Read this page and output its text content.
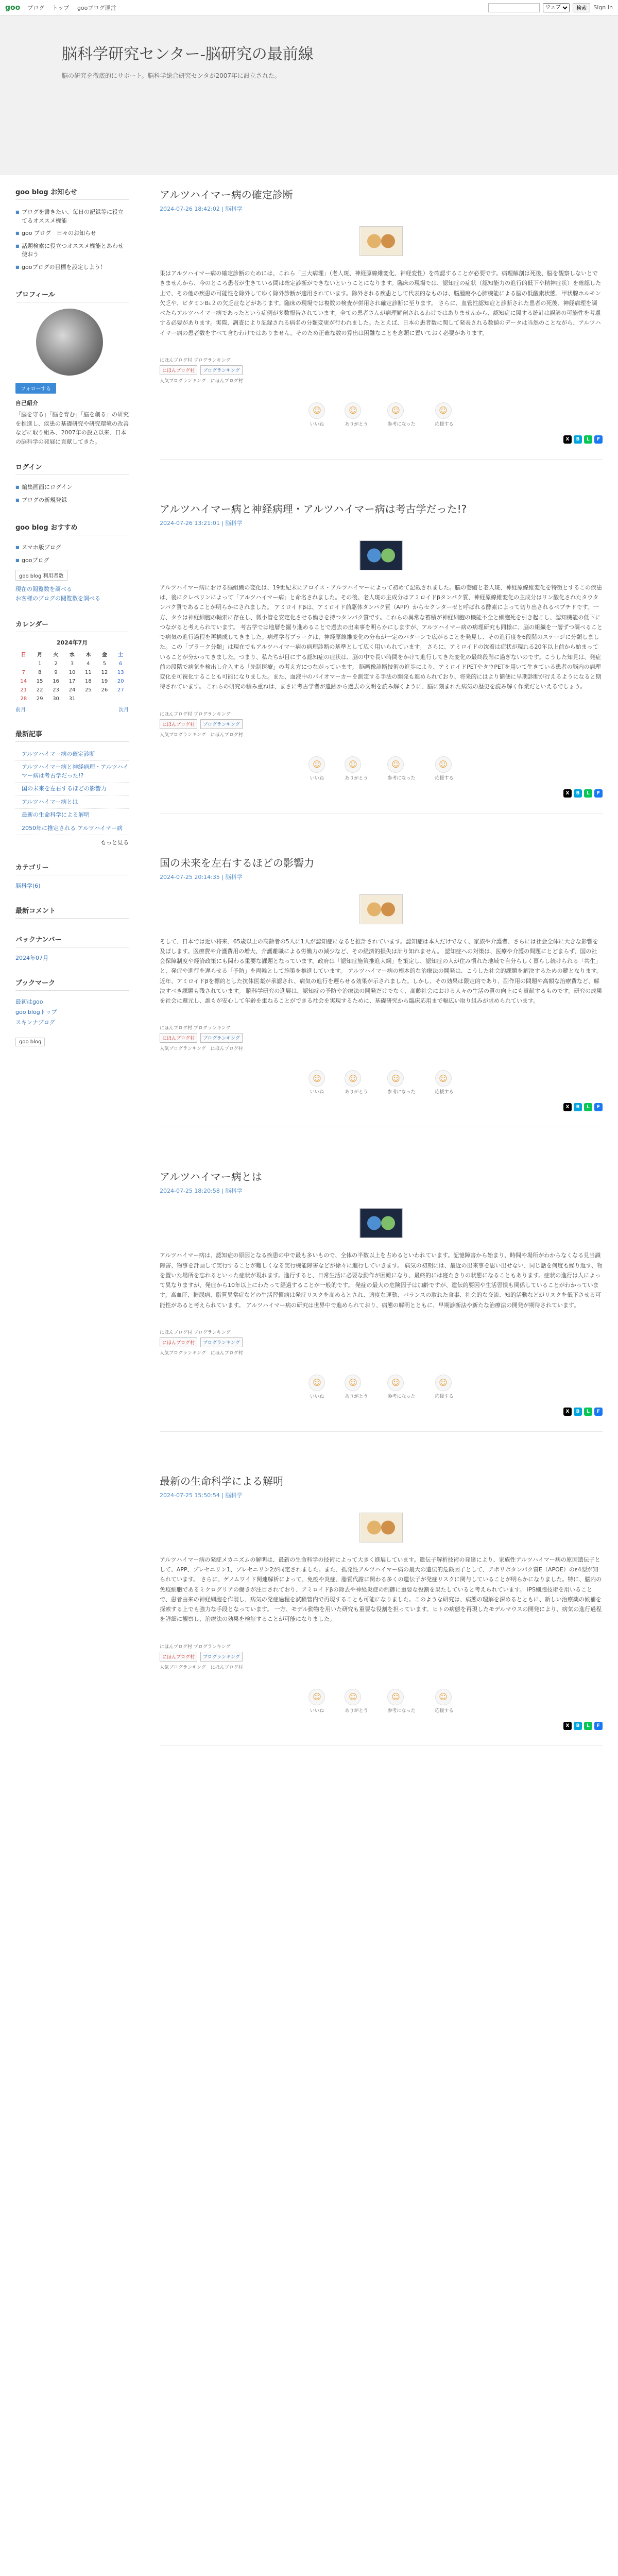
goo ブログ トップ gooブログ運営
ウェブ	検索	Sign In
脳科学研究センター-脳研究の最前線

脳の研究を徹底的にサポート。脳科学総合研究センタが2007年に設立された。

goo blog お知らせ
■ ブログを書きたい、毎日の記録等に役立てるオススメ機能
■ goo ブログ　日々のお知らせ
■ 話題検索に役立つオススメ機能とあわせ使おう
■ gooブログの目標を設定しよう！
プロフィール
フォローする
自己紹介
「脳を守る」「脳を育む」「脳を創る」の研究を推進し、疾患の基礎研究や研究環境の改善などに取り組み、2007年の設立以来、日本の脳科学の発展に貢献してきた。
ログイン
■ 編集画面にログイン
■ ブログの新規登録
goo blog おすすめ
■ スマホ版ブログ
■ gooブログ
goo blog 利用者数
現在の閲覧数を調べる
お客様のブログの閲覧数を調べる
カレンダー
2024年7月
日	月	火	水	木	金	土
	1	2	3	4	5	6
7	8	9	10	11	12	13
14	15	16	17	18	19	20
21	22	23	24	25	26	27
28	29	30	31			
前月	次月
最新記事
アルツハイマー病の確定診断
アルツハイマー病と神経病理・アルツハイマー病は考古学だった!?
国の未来を左右するほどの影響力
アルツハイマー病とは
最新の生命科学による解明
2050年に推定される アルツハイマー病
もっと見る
カテゴリー
脳科学(6)
最新コメント
バックナンバー
2024年07月
ブックマーク
最初はgoo
goo blogトップ
スキンナブログ
goo blog
アルツハイマー病の確定診断
2024-07-26 18:42:02 | 脳科学

果はアルツハイマー病の確定診断のためには、これら「三大病理」（老人斑、神経原線維変化、神経変性）を確認することが必要です。病理解剖は死後、脳を観察しないとできませんから、今のところ患者が生きている間は確定診断ができないということになります。臨床の現場では、認知症の症状（認知能力の進行的低下や精神症状）を確認した上で、その他の疾患の可能性を除外してゆく除外診断が適用されています。除外される疾患として代表的なものは、脳腫瘍や心肺機能による脳の低酸素状態、甲状腺ホルモン欠乏や、ビタミンB₁２の欠乏症などがあります。臨床の現場では複数の検査が併用され確定診断に至ります。 さらに、血管性認知症と診断された患者の死後、神経病理を調べたらアルツハイマー病であったという症例が多数報告されています。全ての患者さんが病理解剖されるわけではありませんから、認知症に関する統計は誤診の可能性を考慮する必要があります。実際、調査により記録される病名の分類変更が行われました。たとえば、日本の患者数に関して発表される数値のデータは当然のことながら、アルツハイマー病の患者数をすべて含むわけではありません。そのため正確な数の算出は困難なことを念頭に置いておく必要があります。

にほんブログ村 ブログランキング
にほんブログ村	ブログランキング
人気ブログランキング　にほんブログ村
☺
いいね
☺
ありがとう
☺
参考になった
☺
応援する
X	B	L	F
アルツハイマー病と神経病理・アルツハイマー病は考古学だった!?
2024-07-26 13:21:01 | 脳科学

アルツハイマー病における脳組織の変化は、19世紀末にアロイス・アルツハイマーによって初めて記載されました。脳の萎縮と老人斑、神経原線維変化を特徴とするこの疾患は、後にクレペリンによって「アルツハイマー病」と命名されました。その後、老人斑の主成分はアミロイドβタンパク質、神経原線維変化の主成分はリン酸化されたタウタンパク質であることが明らかにされました。 アミロイドβは、アミロイド前駆体タンパク質（APP）からセクレターゼと呼ばれる酵素によって切り出されるペプチドです。一方、タウは神経細胞の軸索に存在し、微小管を安定化させる働きを持つタンパク質です。これらの異常な蓄積が神経細胞の機能不全と細胞死を引き起こし、認知機能の低下につながると考えられています。 考古学では地層を掘り進めることで過去の出来事を明らかにしますが、アルツハイマー病の病理研究も同様に、脳の組織を一層ずつ調べることで病気の進行過程を再構成してきました。病理学者ブラークは、神経原線維変化の分布が一定のパターンで広がることを発見し、その進行度を6段階のステージに分類しました。この「ブラーク分類」は現在でもアルツハイマー病の病理診断の基準として広く用いられています。 さらに、アミロイドの沈着は症状が現れる20年以上前から始まっていることが分かってきました。つまり、私たちが目にする認知症の症状は、脳の中で長い時間をかけて進行してきた変化の最終段階に過ぎないのです。こうした知見は、発症前の段階で病気を検出し介入する「先制医療」の考え方につながっています。 脳画像診断技術の進歩により、アミロイドPETやタウPETを用いて生きている患者の脳内の病理変化を可視化することも可能になりました。また、血液中のバイオマーカーを測定する手法の開発も進められており、将来的にはより簡便に早期診断が行えるようになると期待されています。 これらの研究の積み重ねは、まさに考古学者が遺跡から過去の文明を読み解くように、脳に刻まれた病気の歴史を読み解く作業だといえるでしょう。

にほんブログ村 ブログランキング
にほんブログ村	ブログランキング
人気ブログランキング　にほんブログ村
☺
いいね
☺
ありがとう
☺
参考になった
☺
応援する
X	B	L	F
国の未来を左右するほどの影響力
2024-07-25 20:14:35 | 脳科学

そして、日本では近い将来、65歳以上の高齢者の5人に1人が認知症になると推計されています。認知症は本人だけでなく、家族や介護者、さらには社会全体に大きな影響を及ぼします。医療費や介護費用の増大、介護離職による労働力の減少など、その経済的損失は計り知れません。 認知症への対策は、医療や介護の問題にとどまらず、国の社会保障制度や経済政策にも関わる重要な課題となっています。政府は「認知症施策推進大綱」を策定し、認知症の人が住み慣れた地域で自分らしく暮らし続けられる「共生」と、発症や進行を遅らせる「予防」を両輪として施策を推進しています。 アルツハイマー病の根本的な治療法の開発は、こうした社会的課題を解決するための鍵となります。近年、アミロイドβを標的とした抗体医薬が承認され、病気の進行を遅らせる効果が示されました。しかし、その効果は限定的であり、副作用の問題や高額な治療費など、解決すべき課題も残されています。 脳科学研究の進展は、認知症の予防や治療法の開発だけでなく、高齢社会における人々の生活の質の向上にも貢献するものです。研究の成果を社会に還元し、誰もが安心して年齢を重ねることができる社会を実現するために、基礎研究から臨床応用まで幅広い取り組みが求められています。

にほんブログ村 ブログランキング
にほんブログ村	ブログランキング
人気ブログランキング　にほんブログ村
☺
いいね
☺
ありがとう
☺
参考になった
☺
応援する
X	B	L	F
アルツハイマー病とは
2024-07-25 18:20:58 | 脳科学

アルツハイマー病は、認知症の原因となる疾患の中で最も多いもので、全体の半数以上を占めるといわれています。記憶障害から始まり、時間や場所がわからなくなる見当識障害、物事を計画して実行することが難しくなる実行機能障害などが徐々に進行していきます。 病気の初期には、最近の出来事を思い出せない、同じ話を何度も繰り返す、物を置いた場所を忘れるといった症状が現れます。進行すると、日常生活に必要な動作が困難になり、最終的には寝たきりの状態になることもあります。症状の進行は人によって異なりますが、発症から10年以上にわたって経過することが一般的です。 発症の最大の危険因子は加齢ですが、遺伝的要因や生活習慣も関係していることがわかっています。高血圧、糖尿病、脂質異常症などの生活習慣病は発症リスクを高めるとされ、適度な運動、バランスの取れた食事、社会的な交流、知的活動などがリスクを低下させる可能性があると考えられています。 アルツハイマー病の研究は世界中で進められており、病態の解明とともに、早期診断法や新たな治療法の開発が期待されています。

にほんブログ村 ブログランキング
にほんブログ村	ブログランキング
人気ブログランキング　にほんブログ村
☺
いいね
☺
ありがとう
☺
参考になった
☺
応援する
X	B	L	F
最新の生命科学による解明
2024-07-25 15:50:54 | 脳科学

アルツハイマー病の発症メカニズムの解明は、最新の生命科学の技術によって大きく進展しています。遺伝子解析技術の発達により、家族性アルツハイマー病の原因遺伝子として、APP、プレセニリン1、プレセニリン2が同定されました。また、孤発性アルツハイマー病の最大の遺伝的危険因子として、アポリポタンパク質E（APOE）のε4型が知られています。 さらに、ゲノムワイド関連解析によって、免疫や炎症、脂質代謝に関わる多くの遺伝子が発症リスクに関与していることが明らかになりました。特に、脳内の免疫細胞であるミクログリアの働きが注目されており、アミロイドβの除去や神経炎症の制御に重要な役割を果たしていると考えられています。 iPS細胞技術を用いることで、患者由来の神経細胞を作製し、病気の発症過程を試験管内で再現することも可能になりました。このような研究は、病態の理解を深めるとともに、新しい治療薬の候補を探索する上でも強力な手段となっています。 一方、モデル動物を用いた研究も重要な役割を担っています。ヒトの病態を再現したモデルマウスの開発により、病気の進行過程を詳細に観察し、治療法の効果を検証することが可能になりました。

にほんブログ村 ブログランキング
にほんブログ村	ブログランキング
人気ブログランキング　にほんブログ村
☺
いいね
☺
ありがとう
☺
参考になった
☺
応援する
X	B	L	F
